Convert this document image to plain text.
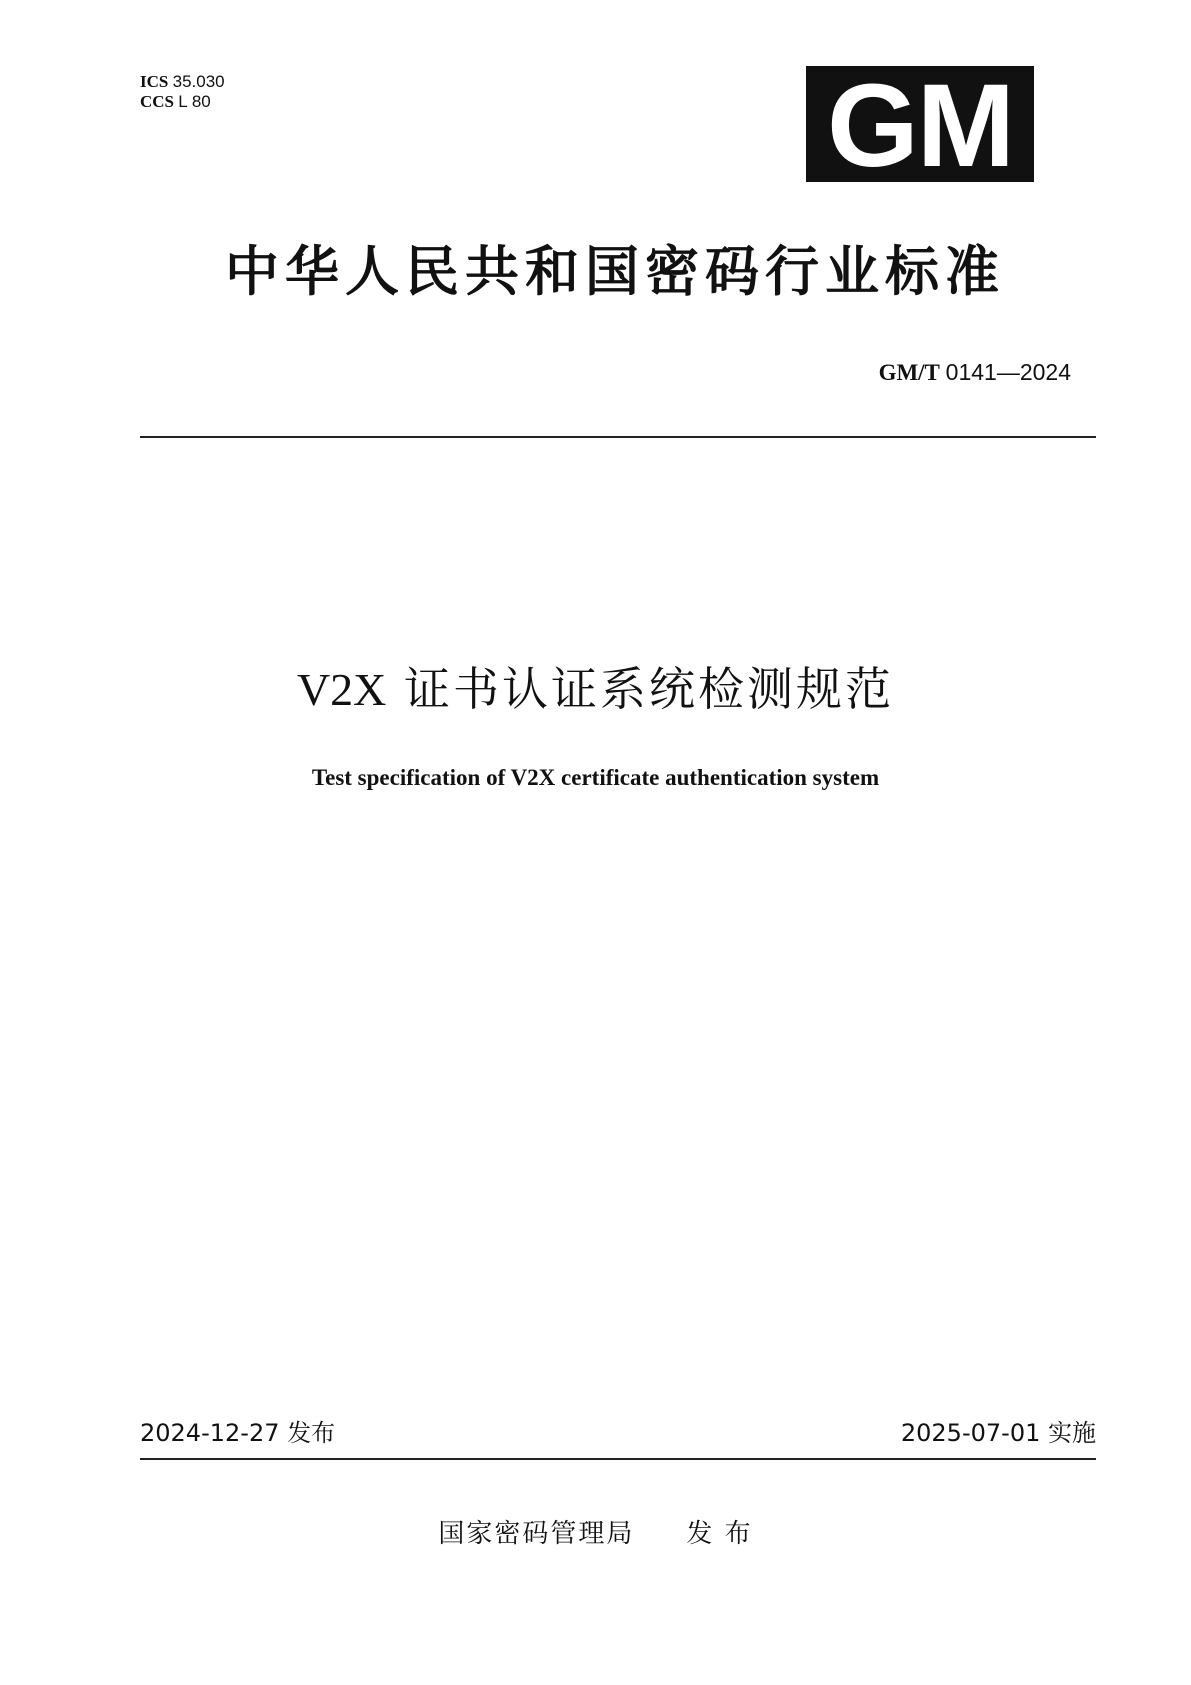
ICS 35.030
CCS L 80	GM
中华人民共和国密码行业标准
GM/T 0141—2024
V2X 证书认证系统检测规范
Test specification of V2X certificate authentication system
2024-12-27 发布	2025-07-01 实施
国家密码管理局 发 布
